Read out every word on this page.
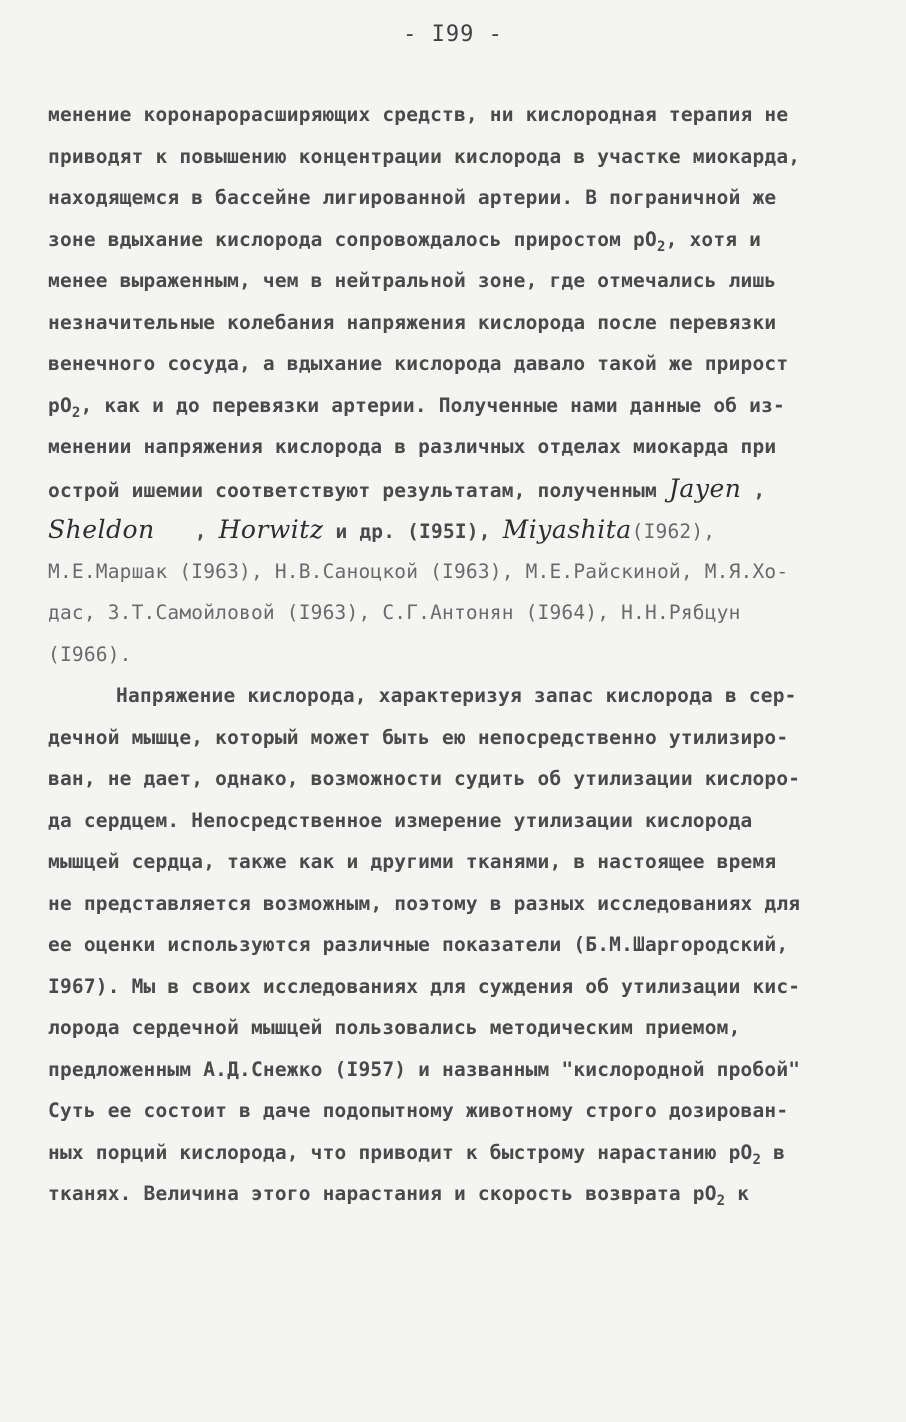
- I99 -
менение коронарорасширяющих средств, ни кислородная терапия не
приводят к повышению концентрации кислорода в участке миокарда,
находящемся в бассейне лигированной артерии. В пограничной же
зоне вдыхание кислорода сопровождалось приростом $pO_2$, хотя и
менее выраженным, чем в нейтральной зоне, где отмечались лишь
незначительные колебания напряжения кислорода после перевязки
венечного сосуда, а вдыхание кислорода давало такой же прирост
$pO_2$, как и до перевязки артерии. Полученные нами данные об из-
менении напряжения кислорода в различных отделах миокарда при
острой ишемии соответствуют результатам, полученным Jayen ,
Sheldon , Horwitz и др. (I95I), Miyashita(I962),
М.Е.Маршак (I963), Н.В.Саноцкой (I963), М.Е.Райскиной, М.Я.Хо-
дас, З.Т.Самойловой (I963), С.Г.Антонян (I964), Н.Н.Рябцун
(I966).
Напряжение кислорода, характеризуя запас кислорода в сер-
дечной мышце, который может быть ею непосредственно утилизиро-
ван, не дает, однако, возможности судить об утилизации кислоро-
да сердцем. Непосредственное измерение утилизации кислорода
мышцей сердца, также как и другими тканями, в настоящее время
не представляется возможным, поэтому в разных исследованиях для
ее оценки используются различные показатели (Б.М.Шаргородский,
I967). Мы в своих исследованиях для суждения об утилизации кис-
лорода сердечной мышцей пользовались методическим приемом,
предложенным А.Д.Снежко (I957) и названным "кислородной пробой"
Суть ее состоит в даче подопытному животному строго дозирован-
ных порций кислорода, что приводит к быстрому нарастанию $pO_2$ в
тканях. Величина этого нарастания и скорость возврата $pO_2$ к
